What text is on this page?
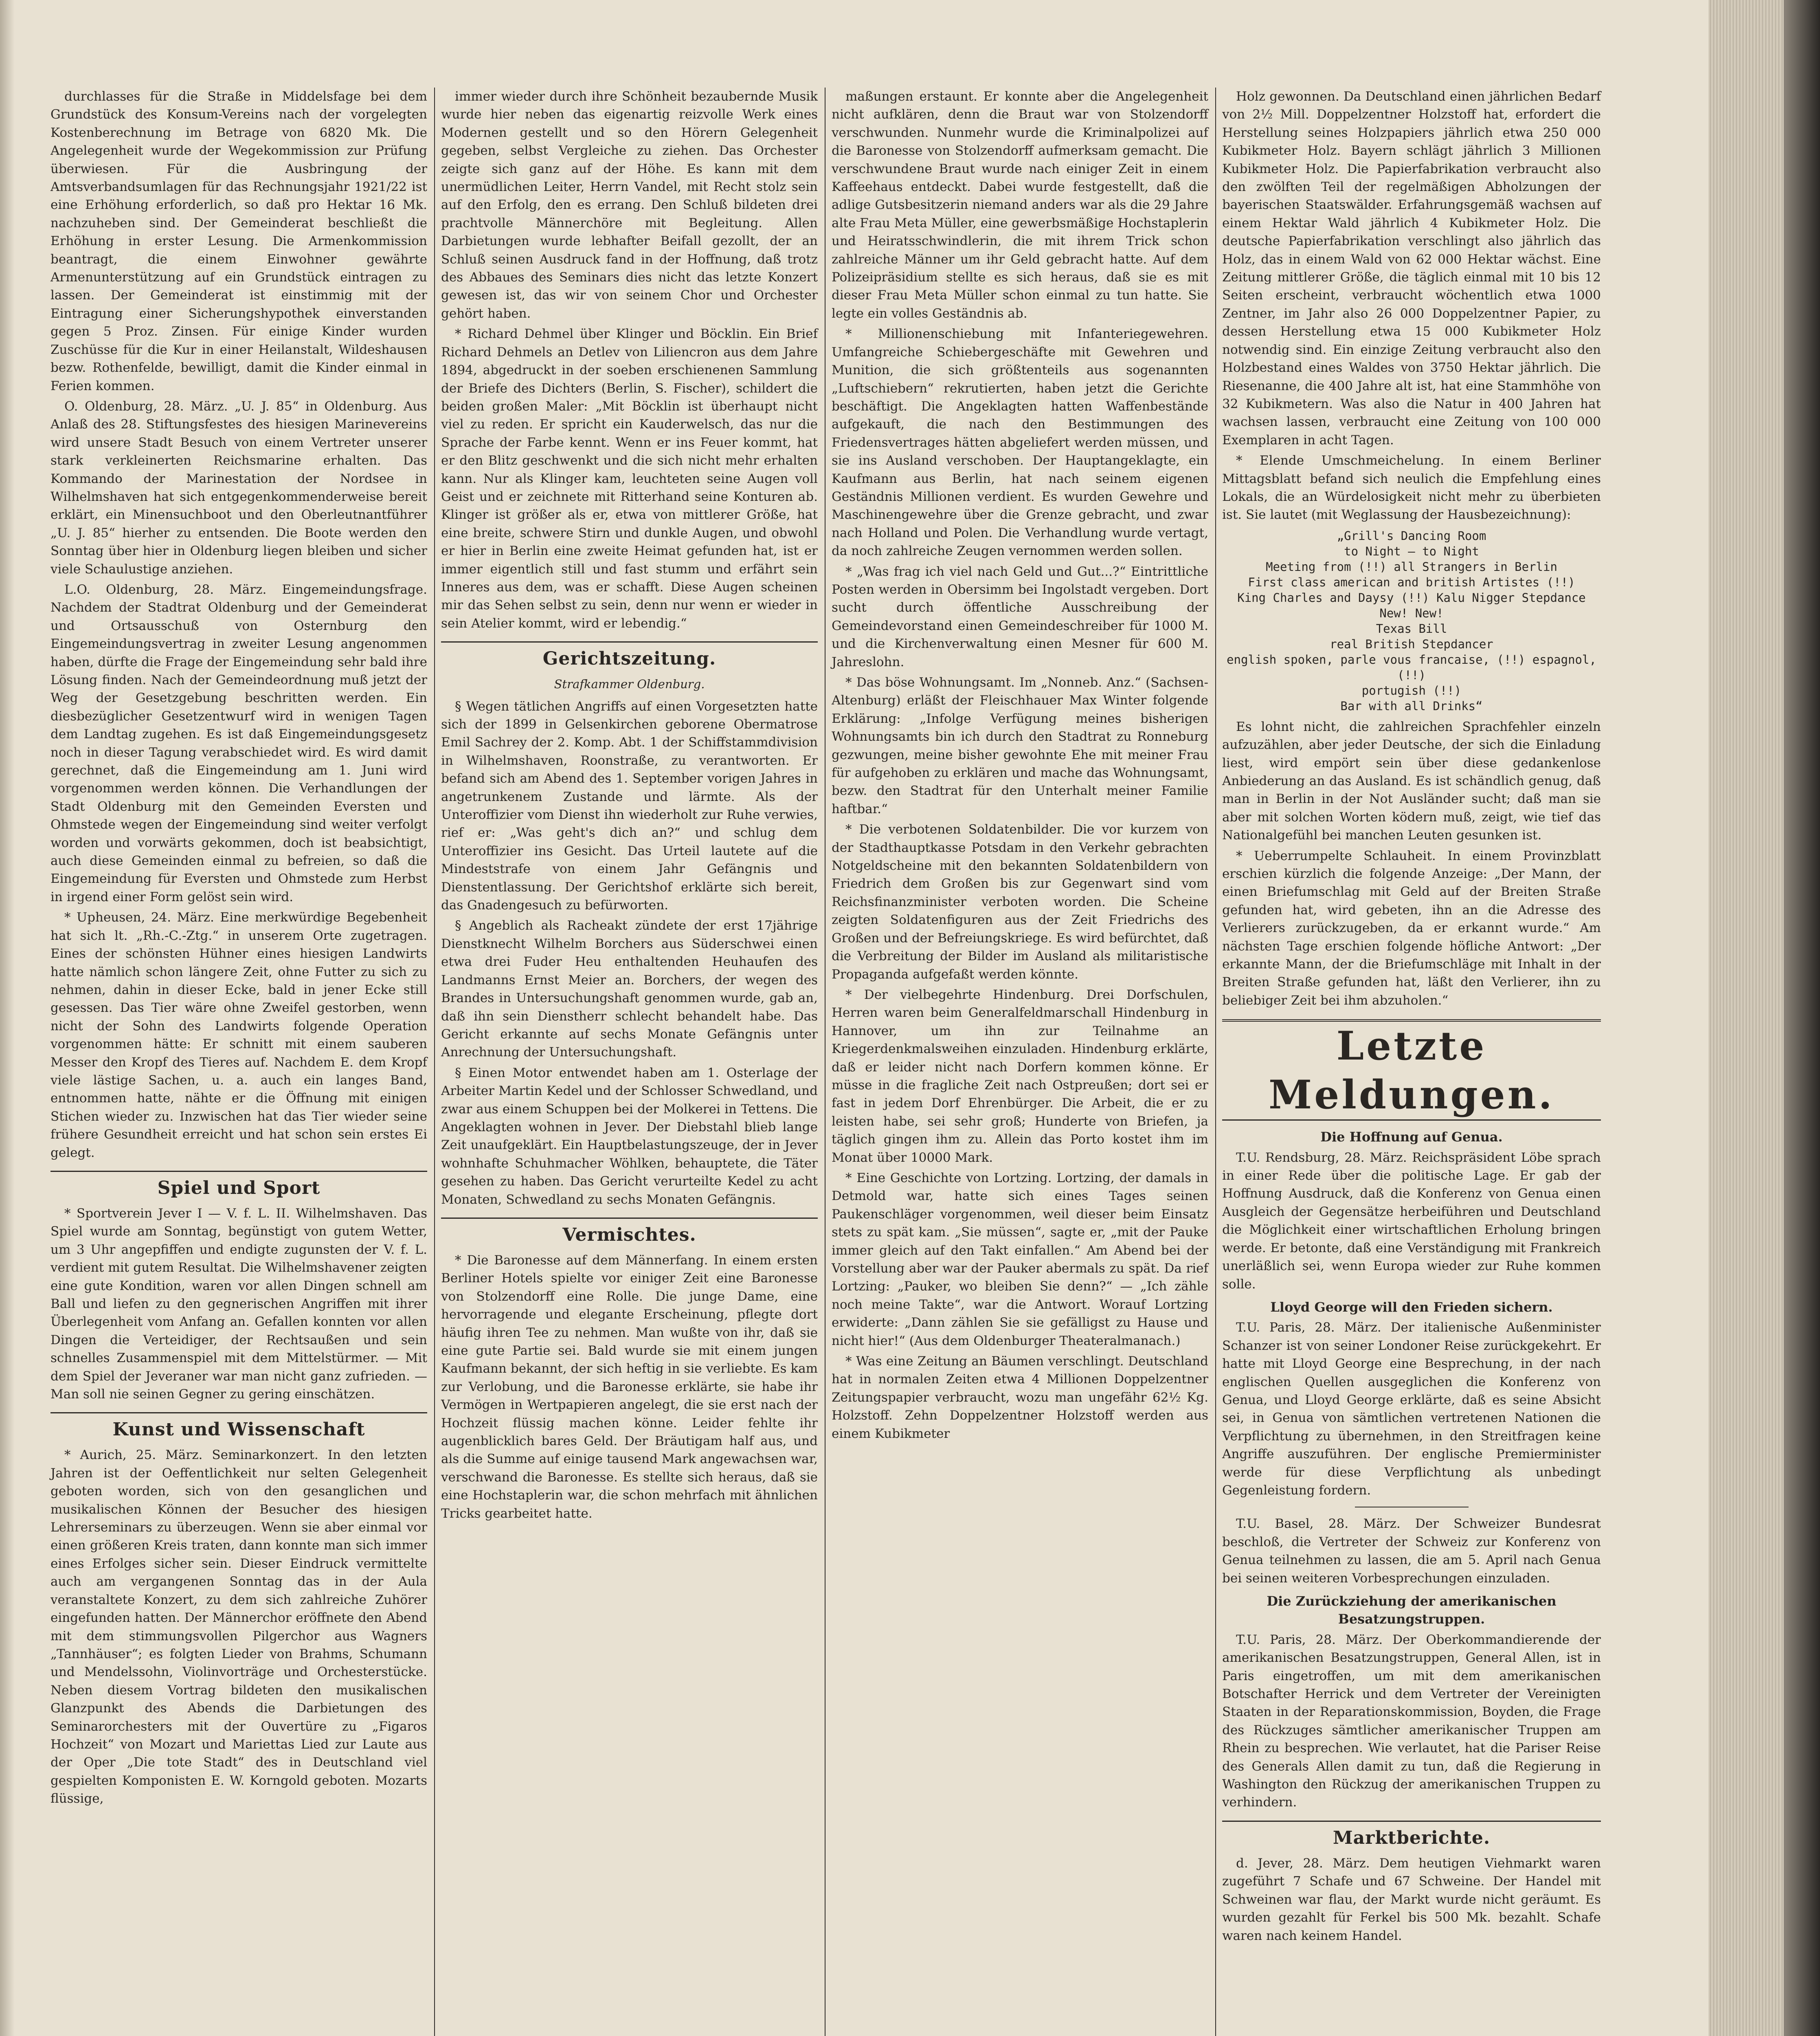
durchlasses für die Straße in Middelsfage bei dem Grundstück des Konsum-Vereins nach der vorgelegten Kostenberechnung im Betrage von 6820 Mk. Die Angelegenheit wurde der Wegekommission zur Prüfung überwiesen. Für die Ausbringung der Amtsverbandsumlagen für das Rechnungsjahr 1921/22 ist eine Erhöhung erforderlich, so daß pro Hektar 16 Mk. nachzuheben sind. Der Gemeinderat beschließt die Erhöhung in erster Lesung. Die Armenkommission beantragt, die einem Einwohner gewährte Armenunterstützung auf ein Grundstück eintragen zu lassen. Der Gemeinderat ist einstimmig mit der Eintragung einer Sicherungshypothek einverstanden gegen 5 Proz. Zinsen. Für einige Kinder wurden Zuschüsse für die Kur in einer Heilanstalt, Wildeshausen bezw. Rothenfelde, bewilligt, damit die Kinder einmal in Ferien kommen.

O. Oldenburg, 28. März. „U. J. 85“ in Oldenburg. Aus Anlaß des 28. Stiftungsfestes des hiesigen Marinevereins wird unsere Stadt Besuch von einem Vertreter unserer stark verkleinerten Reichsmarine erhalten. Das Kommando der Marinestation der Nordsee in Wilhelmshaven hat sich entgegenkommenderweise bereit erklärt, ein Minensuchboot und den Oberleutnantführer „U. J. 85“ hierher zu entsenden. Die Boote werden den Sonntag über hier in Oldenburg liegen bleiben und sicher viele Schaulustige anziehen.

L.O. Oldenburg, 28. März. Eingemeindungsfrage. Nachdem der Stadtrat Oldenburg und der Gemeinderat und Ortsausschuß von Osternburg den Eingemeindungsvertrag in zweiter Lesung angenommen haben, dürfte die Frage der Eingemeindung sehr bald ihre Lösung finden. Nach der Gemeindeordnung muß jetzt der Weg der Gesetzgebung beschritten werden. Ein diesbezüglicher Gesetzentwurf wird in wenigen Tagen dem Landtag zugehen. Es ist daß Eingemeindungsgesetz noch in dieser Tagung verabschiedet wird. Es wird damit gerechnet, daß die Eingemeindung am 1. Juni wird vorgenommen werden können. Die Verhandlungen der Stadt Oldenburg mit den Gemeinden Eversten und Ohmstede wegen der Eingemeindung sind weiter verfolgt worden und vorwärts gekommen, doch ist beabsichtigt, auch diese Gemeinden einmal zu befreien, so daß die Eingemeindung für Eversten und Ohmstede zum Herbst in irgend einer Form gelöst sein wird.

* Upheusen, 24. März. Eine merkwürdige Begebenheit hat sich lt. „Rh.-C.-Ztg.“ in unserem Orte zugetragen. Eines der schönsten Hühner eines hiesigen Landwirts hatte nämlich schon längere Zeit, ohne Futter zu sich zu nehmen, dahin in dieser Ecke, bald in jener Ecke still gesessen. Das Tier wäre ohne Zweifel gestorben, wenn nicht der Sohn des Landwirts folgende Operation vorgenommen hätte: Er schnitt mit einem sauberen Messer den Kropf des Tieres auf. Nachdem E. dem Kropf viele lästige Sachen, u. a. auch ein langes Band, entnommen hatte, nähte er die Öffnung mit einigen Stichen wieder zu. Inzwischen hat das Tier wieder seine frühere Gesundheit erreicht und hat schon sein erstes Ei gelegt.

Spiel und Sport

* Sportverein Jever I — V. f. L. II. Wilhelmshaven. Das Spiel wurde am Sonntag, begünstigt von gutem Wetter, um 3 Uhr angepfiffen und endigte zugunsten der V. f. L. verdient mit gutem Resultat. Die Wilhelmshavener zeigten eine gute Kondition, waren vor allen Dingen schnell am Ball und liefen zu den gegnerischen Angriffen mit ihrer Überlegenheit vom Anfang an. Gefallen konnten vor allen Dingen die Verteidiger, der Rechtsaußen und sein schnelles Zusammenspiel mit dem Mittelstürmer. — Mit dem Spiel der Jeveraner war man nicht ganz zufrieden. — Man soll nie seinen Gegner zu gering einschätzen.

Kunst und Wissenschaft

* Aurich, 25. März. Seminarkonzert. In den letzten Jahren ist der Oeffentlichkeit nur selten Gelegenheit geboten worden, sich von den gesanglichen und musikalischen Können der Besucher des hiesigen Lehrerseminars zu überzeugen. Wenn sie aber einmal vor einen größeren Kreis traten, dann konnte man sich immer eines Erfolges sicher sein. Dieser Eindruck vermittelte auch am vergangenen Sonntag das in der Aula veranstaltete Konzert, zu dem sich zahlreiche Zuhörer eingefunden hatten. Der Männerchor eröffnete den Abend mit dem stimmungsvollen Pilgerchor aus Wagners „Tannhäuser“; es folgten Lieder von Brahms, Schumann und Mendelssohn, Violinvorträge und Orchesterstücke. Neben diesem Vortrag bildeten den musikalischen Glanzpunkt des Abends die Darbietungen des Seminarorchesters mit der Ouvertüre zu „Figaros Hochzeit“ von Mozart und Mariettas Lied zur Laute aus der Oper „Die tote Stadt“ des in Deutschland viel gespielten Komponisten E. W. Korngold geboten. Mozarts flüssige,

immer wieder durch ihre Schönheit bezaubernde Musik wurde hier neben das eigenartig reizvolle Werk eines Modernen gestellt und so den Hörern Gelegenheit gegeben, selbst Vergleiche zu ziehen. Das Orchester zeigte sich ganz auf der Höhe. Es kann mit dem unermüdlichen Leiter, Herrn Vandel, mit Recht stolz sein auf den Erfolg, den es errang. Den Schluß bildeten drei prachtvolle Männerchöre mit Begleitung. Allen Darbietungen wurde lebhafter Beifall gezollt, der an Schluß seinen Ausdruck fand in der Hoffnung, daß trotz des Abbaues des Seminars dies nicht das letzte Konzert gewesen ist, das wir von seinem Chor und Orchester gehört haben.

* Richard Dehmel über Klinger und Böcklin. Ein Brief Richard Dehmels an Detlev von Liliencron aus dem Jahre 1894, abgedruckt in der soeben erschienenen Sammlung der Briefe des Dichters (Berlin, S. Fischer), schildert die beiden großen Maler: „Mit Böcklin ist überhaupt nicht viel zu reden. Er spricht ein Kauderwelsch, das nur die Sprache der Farbe kennt. Wenn er ins Feuer kommt, hat er den Blitz geschwenkt und die sich nicht mehr erhalten kann. Nur als Klinger kam, leuchteten seine Augen voll Geist und er zeichnete mit Ritterhand seine Konturen ab. Klinger ist größer als er, etwa von mittlerer Größe, hat eine breite, schwere Stirn und dunkle Augen, und obwohl er hier in Berlin eine zweite Heimat gefunden hat, ist er immer eigentlich still und fast stumm und erfährt sein Inneres aus dem, was er schafft. Diese Augen scheinen mir das Sehen selbst zu sein, denn nur wenn er wieder in sein Atelier kommt, wird er lebendig.“

Gerichtszeitung.
Strafkammer Oldenburg.

§ Wegen tätlichen Angriffs auf einen Vorgesetzten hatte sich der 1899 in Gelsenkirchen geborene Obermatrose Emil Sachrey der 2. Komp. Abt. 1 der Schiffstammdivision in Wilhelmshaven, Roonstraße, zu verantworten. Er befand sich am Abend des 1. September vorigen Jahres in angetrunkenem Zustande und lärmte. Als der Unteroffizier vom Dienst ihn wiederholt zur Ruhe verwies, rief er: „Was geht's dich an?“ und schlug dem Unteroffizier ins Gesicht. Das Urteil lautete auf die Mindeststrafe von einem Jahr Gefängnis und Dienstentlassung. Der Gerichtshof erklärte sich bereit, das Gnadengesuch zu befürworten.

§ Angeblich als Racheakt zündete der erst 17jährige Dienstknecht Wilhelm Borchers aus Süderschwei einen etwa drei Fuder Heu enthaltenden Heuhaufen des Landmanns Ernst Meier an. Borchers, der wegen des Brandes in Untersuchungshaft genommen wurde, gab an, daß ihn sein Dienstherr schlecht behandelt habe. Das Gericht erkannte auf sechs Monate Gefängnis unter Anrechnung der Untersuchungshaft.

§ Einen Motor entwendet haben am 1. Osterlage der Arbeiter Martin Kedel und der Schlosser Schwedland, und zwar aus einem Schuppen bei der Molkerei in Tettens. Die Angeklagten wohnen in Jever. Der Diebstahl blieb lange Zeit unaufgeklärt. Ein Hauptbelastungszeuge, der in Jever wohnhafte Schuhmacher Wöhlken, behauptete, die Täter gesehen zu haben. Das Gericht verurteilte Kedel zu acht Monaten, Schwedland zu sechs Monaten Gefängnis.

Vermischtes.

* Die Baronesse auf dem Männerfang. In einem ersten Berliner Hotels spielte vor einiger Zeit eine Baronesse von Stolzendorff eine Rolle. Die junge Dame, eine hervorragende und elegante Erscheinung, pflegte dort häufig ihren Tee zu nehmen. Man wußte von ihr, daß sie eine gute Partie sei. Bald wurde sie mit einem jungen Kaufmann bekannt, der sich heftig in sie verliebte. Es kam zur Verlobung, und die Baronesse erklärte, sie habe ihr Vermögen in Wertpapieren angelegt, die sie erst nach der Hochzeit flüssig machen könne. Leider fehlte ihr augenblicklich bares Geld. Der Bräutigam half aus, und als die Summe auf einige tausend Mark angewachsen war, verschwand die Baronesse. Es stellte sich heraus, daß sie eine Hochstaplerin war, die schon mehrfach mit ähnlichen Tricks gearbeitet hatte.

maßungen erstaunt. Er konnte aber die Angelegenheit nicht aufklären, denn die Braut war von Stolzendorff verschwunden. Nunmehr wurde die Kriminalpolizei auf die Baronesse von Stolzendorff aufmerksam gemacht. Die verschwundene Braut wurde nach einiger Zeit in einem Kaffeehaus entdeckt. Dabei wurde festgestellt, daß die adlige Gutsbesitzerin niemand anders war als die 29 Jahre alte Frau Meta Müller, eine gewerbsmäßige Hochstaplerin und Heiratsschwindlerin, die mit ihrem Trick schon zahlreiche Männer um ihr Geld gebracht hatte. Auf dem Polizeipräsidium stellte es sich heraus, daß sie es mit dieser Frau Meta Müller schon einmal zu tun hatte. Sie legte ein volles Geständnis ab.

* Millionenschiebung mit Infanteriegewehren. Umfangreiche Schiebergeschäfte mit Gewehren und Munition, die sich größtenteils aus sogenannten „Luftschiebern“ rekrutierten, haben jetzt die Gerichte beschäftigt. Die Angeklagten hatten Waffenbestände aufgekauft, die nach den Bestimmungen des Friedensvertrages hätten abgeliefert werden müssen, und sie ins Ausland verschoben. Der Hauptangeklagte, ein Kaufmann aus Berlin, hat nach seinem eigenen Geständnis Millionen verdient. Es wurden Gewehre und Maschinengewehre über die Grenze gebracht, und zwar nach Holland und Polen. Die Verhandlung wurde vertagt, da noch zahlreiche Zeugen vernommen werden sollen.

* „Was frag ich viel nach Geld und Gut...?“ Eintrittliche Posten werden in Obersimm bei Ingolstadt vergeben. Dort sucht durch öffentliche Ausschreibung der Gemeindevorstand einen Gemeindeschreiber für 1000 M. und die Kirchenverwaltung einen Mesner für 600 M. Jahreslohn.

* Das böse Wohnungsamt. Im „Nonneb. Anz.“ (Sachsen-Altenburg) erläßt der Fleischhauer Max Winter folgende Erklärung: „Infolge Verfügung meines bisherigen Wohnungsamts bin ich durch den Stadtrat zu Ronneburg gezwungen, meine bisher gewohnte Ehe mit meiner Frau für aufgehoben zu erklären und mache das Wohnungsamt, bezw. den Stadtrat für den Unterhalt meiner Familie haftbar.“

* Die verbotenen Soldatenbilder. Die vor kurzem von der Stadthauptkasse Potsdam in den Verkehr gebrachten Notgeldscheine mit den bekannten Soldatenbildern von Friedrich dem Großen bis zur Gegenwart sind vom Reichsfinanzminister verboten worden. Die Scheine zeigten Soldatenfiguren aus der Zeit Friedrichs des Großen und der Befreiungskriege. Es wird befürchtet, daß die Verbreitung der Bilder im Ausland als militaristische Propaganda aufgefaßt werden könnte.

* Der vielbegehrte Hindenburg. Drei Dorfschulen, Herren waren beim Generalfeldmarschall Hindenburg in Hannover, um ihn zur Teilnahme an Kriegerdenkmalsweihen einzuladen. Hindenburg erklärte, daß er leider nicht nach Dorfern kommen könne. Er müsse in die fragliche Zeit nach Ostpreußen; dort sei er fast in jedem Dorf Ehrenbürger. Die Arbeit, die er zu leisten habe, sei sehr groß; Hunderte von Briefen, ja täglich gingen ihm zu. Allein das Porto kostet ihm im Monat über 10000 Mark.

* Eine Geschichte von Lortzing. Lortzing, der damals in Detmold war, hatte sich eines Tages seinen Paukenschläger vorgenommen, weil dieser beim Einsatz stets zu spät kam. „Sie müssen“, sagte er, „mit der Pauke immer gleich auf den Takt einfallen.“ Am Abend bei der Vorstellung aber war der Pauker abermals zu spät. Da rief Lortzing: „Pauker, wo bleiben Sie denn?“ — „Ich zähle noch meine Takte“, war die Antwort. Worauf Lortzing erwiderte: „Dann zählen Sie sie gefälligst zu Hause und nicht hier!“ (Aus dem Oldenburger Theateralmanach.)

* Was eine Zeitung an Bäumen verschlingt. Deutschland hat in normalen Zeiten etwa 4 Millionen Doppelzentner Zeitungspapier verbraucht, wozu man ungefähr 62½ Kg. Holzstoff. Zehn Doppelzentner Holzstoff werden aus einem Kubikmeter

Holz gewonnen. Da Deutschland einen jährlichen Bedarf von 2½ Mill. Doppelzentner Holzstoff hat, erfordert die Herstellung seines Holzpapiers jährlich etwa 250 000 Kubikmeter Holz. Bayern schlägt jährlich 3 Millionen Kubikmeter Holz. Die Papierfabrikation verbraucht also den zwölften Teil der regelmäßigen Abholzungen der bayerischen Staatswälder. Erfahrungsgemäß wachsen auf einem Hektar Wald jährlich 4 Kubikmeter Holz. Die deutsche Papierfabrikation verschlingt also jährlich das Holz, das in einem Wald von 62 000 Hektar wächst. Eine Zeitung mittlerer Größe, die täglich einmal mit 10 bis 12 Seiten erscheint, verbraucht wöchentlich etwa 1000 Zentner, im Jahr also 26 000 Doppelzentner Papier, zu dessen Herstellung etwa 15 000 Kubikmeter Holz notwendig sind. Ein einzige Zeitung verbraucht also den Holzbestand eines Waldes von 3750 Hektar jährlich. Die Riesenanne, die 400 Jahre alt ist, hat eine Stammhöhe von 32 Kubikmetern. Was also die Natur in 400 Jahren hat wachsen lassen, verbraucht eine Zeitung von 100 000 Exemplaren in acht Tagen.

* Elende Umschmeichelung. In einem Berliner Mittagsblatt befand sich neulich die Empfehlung eines Lokals, die an Würdelosigkeit nicht mehr zu überbieten ist. Sie lautet (mit Weglassung der Hausbezeichnung):

„Grill's Dancing Room
to Night — to Night
Meeting from (!!) all Strangers in Berlin
First class american and british Artistes (!!)
King Charles and Daysy (!!) Kalu Nigger Stepdance
New! New!
Texas Bill
real British Stepdancer
english spoken, parle vous francaise, (!!) espagnol, (!!)
portugish (!!)
Bar with all Drinks“

Es lohnt nicht, die zahlreichen Sprachfehler einzeln aufzuzählen, aber jeder Deutsche, der sich die Einladung liest, wird empört sein über diese gedankenlose Anbiederung an das Ausland. Es ist schändlich genug, daß man in Berlin in der Not Ausländer sucht; daß man sie aber mit solchen Worten ködern muß, zeigt, wie tief das Nationalgefühl bei manchen Leuten gesunken ist.

* Ueberrumpelte Schlauheit. In einem Provinzblatt erschien kürzlich die folgende Anzeige: „Der Mann, der einen Briefumschlag mit Geld auf der Breiten Straße gefunden hat, wird gebeten, ihn an die Adresse des Verlierers zurückzugeben, da er erkannt wurde.“ Am nächsten Tage erschien folgende höfliche Antwort: „Der erkannte Mann, der die Briefumschläge mit Inhalt in der Breiten Straße gefunden hat, läßt den Verlierer, ihn zu beliebiger Zeit bei ihm abzuholen.“

Letzte Meldungen.
Die Hoffnung auf Genua.

T.U. Rendsburg, 28. März. Reichspräsident Löbe sprach in einer Rede über die politische Lage. Er gab der Hoffnung Ausdruck, daß die Konferenz von Genua einen Ausgleich der Gegensätze herbeiführen und Deutschland die Möglichkeit einer wirtschaftlichen Erholung bringen werde. Er betonte, daß eine Verständigung mit Frankreich unerläßlich sei, wenn Europa wieder zur Ruhe kommen solle.

Lloyd George will den Frieden sichern.

T.U. Paris, 28. März. Der italienische Außenminister Schanzer ist von seiner Londoner Reise zurückgekehrt. Er hatte mit Lloyd George eine Besprechung, in der nach englischen Quellen ausgeglichen die Konferenz von Genua, und Lloyd George erklärte, daß es seine Absicht sei, in Genua von sämtlichen vertretenen Nationen die Verpflichtung zu übernehmen, in den Streitfragen keine Angriffe auszuführen. Der englische Premierminister werde für diese Verpflichtung als unbedingt Gegenleistung fordern.

T.U. Basel, 28. März. Der Schweizer Bundesrat beschloß, die Vertreter der Schweiz zur Konferenz von Genua teilnehmen zu lassen, die am 5. April nach Genua bei seinen weiteren Vorbesprechungen einzuladen.

Die Zurückziehung der amerikanischen Besatzungstruppen.

T.U. Paris, 28. März. Der Oberkommandierende der amerikanischen Besatzungstruppen, General Allen, ist in Paris eingetroffen, um mit dem amerikanischen Botschafter Herrick und dem Vertreter der Vereinigten Staaten in der Reparationskommission, Boyden, die Frage des Rückzuges sämtlicher amerikanischer Truppen am Rhein zu besprechen. Wie verlautet, hat die Pariser Reise des Generals Allen damit zu tun, daß die Regierung in Washington den Rückzug der amerikanischen Truppen zu verhindern.

Marktberichte.

d. Jever, 28. März. Dem heutigen Viehmarkt waren zugeführt 7 Schafe und 67 Schweine. Der Handel mit Schweinen war flau, der Markt wurde nicht geräumt. Es wurden gezahlt für Ferkel bis 500 Mk. bezahlt. Schafe waren nach keinem Handel.
